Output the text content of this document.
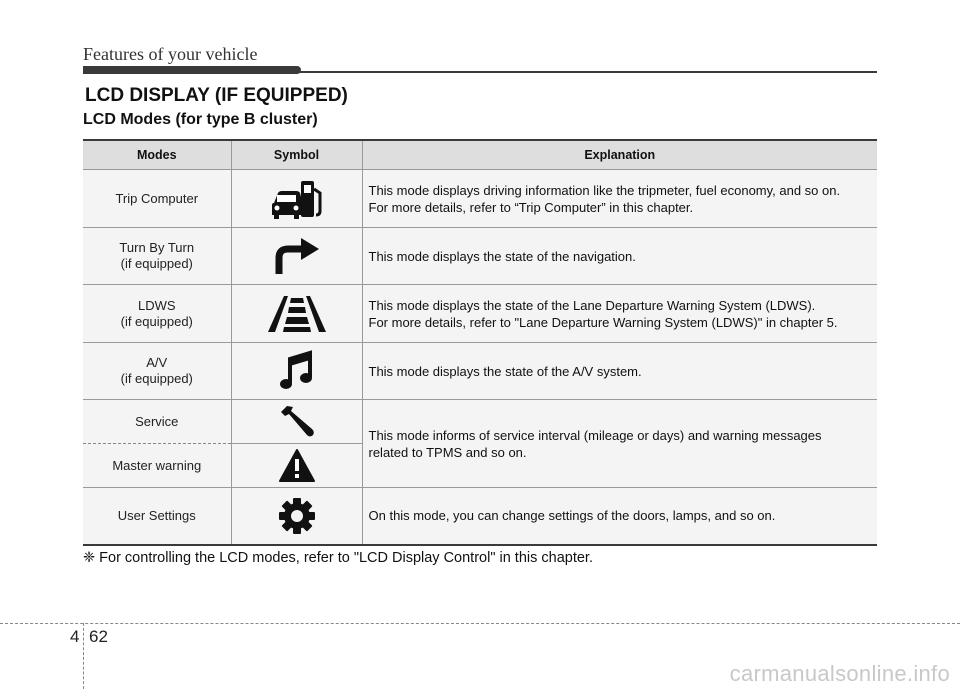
Features of your vehicle
LCD DISPLAY (IF EQUIPPED)
LCD Modes (for type B cluster)
Modes	Symbol	Explanation
Trip Computer		This mode displays driving information like the tripmeter, fuel economy, and so on.
For more details, refer to “Trip Computer” in this chapter.

Turn By Turn
(if equipped)		This mode displays the state of the navigation.

LDWS
(if equipped)		This mode displays the state of the Lane Departure Warning System (LDWS).
For more details, refer to "Lane Departure Warning System (LDWS)" in chapter 5.

A/V
(if equipped)		This mode displays the state of the A/V system.

Service		This mode informs of service interval (mileage or days) and warning messages
related to TPMS and so on.

Master warning	
User Settings		On this mode, you can change settings of the doors, lamps, and so on.
❈ For controlling the LCD modes, refer to "LCD Display Control" in this chapter.
4 62
carmanualsonline.info
